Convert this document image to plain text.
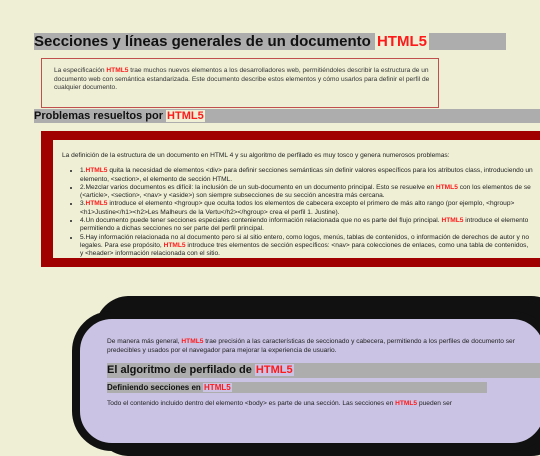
Secciones y líneas generales de un documento HTML5
La especificación HTML5 trae muchos nuevos elementos a los desarrolladores web, permitiéndoles describir la estructura de un documento web con semántica estandarizada. Este documento describe estos elementos y cómo usarlos para definir el perfil de cualquier documento.
Problemas resueltos por HTML5

La definición de la estructura de un documento en HTML 4 y su algoritmo de perfilado es muy tosco y genera numerosos problemas:

• 1.HTML5 quita la necesidad de elementos <div> para definir secciones semánticas sin definir valores específicos para los atributos class, introduciendo un
elemento, <section>, el elemento de sección HTML.
• 2.Mezclar varios documentos es difícil: la inclusión de un sub-documento en un documento principal. Esto se resuelve en HTML5 con los elementos de se
(<article>, <section>, <nav> y <aside>) son siempre subsecciones de su sección ancestra más cercana.
• 3.HTML5 introduce el elemento <hgroup> que oculta todos los elementos de cabecera excepto el primero de más alto rango (por ejemplo, <hgroup>
<h1>Justine</h1><h2>Les Malheurs de la Vertu</h2></hgroup> crea el perfil 1. Justine).
• 4.Un documento puede tener secciones especiales conteniendo información relacionada que no es parte del flujo principal. HTML5 introduce el elemento
permitiendo a dichas secciones no ser parte del perfil principal.
• 5.Hay información relacionada no al documento pero si al sitio entero, como logos, menús, tablas de contenidos, o información de derechos de autor y no
legales. Para ese propósito, HTML5 introduce tres elementos de sección específicos: <nav> para colecciones de enlaces, como una tabla de contenidos,
y <header> información relacionada con el sitio.
De manera más general, HTML5 trae precisión a las características de seccionado y cabecera, permitiendo a los perfiles de documento ser predecibles y usados por el navegador para mejorar la experiencia de usuario.
El algoritmo de perfilado de HTML5
Definiendo secciones en HTML5
Todo el contenido incluido dentro del elemento <body> es parte de una sección. Las secciones en HTML5 pueden ser
